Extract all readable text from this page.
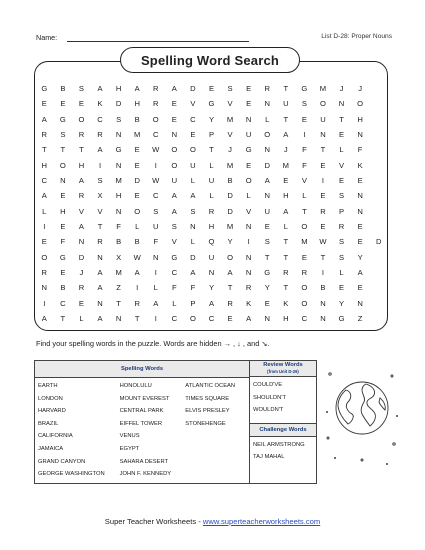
Name:	List D-28: Proper Nouns
Spelling Word Search
G	B	S	A	H	A	R	A	D	E	S	E	R	T	G	M	J	J
E	E	E	K	D	H	R	E	V	G	V	E	N	U	S	O	N	O
A	G	O	C	S	B	O	E	C	Y	M	N	L	T	E	U	T	H
R	S	R	R	N	M	C	N	E	P	V	U	O	A	I	N	E	N
T	T	T	A	G	E	W	O	O	T	J	G	N	J	F	T	L	F
H	O	H	I	N	E	I	O	U	L	M	E	D	M	F	E	V	K
C	N	A	S	M	D	W	U	L	U	B	O	A	E	V	I	E	E
A	E	R	X	H	E	C	A	A	L	D	L	N	H	L	E	S	N
L	H	V	V	N	O	S	A	S	R	D	V	U	A	T	R	P	N
I	E	A	T	F	L	U	S	N	H	M	N	E	L	O	E	R	E
E	F	N	R	B	B	F	V	L	Q	Y	I	S	T	M	W	S	E	D
O	G	D	N	X	W	N	G	D	U	O	N	T	T	E	T	S	Y
R	E	J	A	M	A	I	C	A	N	A	N	G	R	R	I	L	A
N	B	R	A	Z	I	L	F	F	Y	T	R	Y	T	O	B	E	E
I	C	E	N	T	R	A	L	P	A	R	K	E	K	O	N	Y	N
A	T	L	A	N	T	I	C	O	C	E	A	N	H	C	N	G	Z
Find your spelling words in the puzzle. Words are hidden → , ↓ , and ↘.
Spelling Words
EARTH
LONDON
HARVARD
BRAZIL
CALIFORNIA
JAMAICA
GRAND CANYON
GEORGE WASHINGTON
HONOLULU
MOUNT EVEREST
CENTRAL PARK
EIFFEL TOWER
VENUS
EGYPT
SAHARA DESERT
JOHN F. KENNEDY
ATLANTIC OCEAN
TIMES SQUARE
ELVIS PRESLEY
STONEHENGE
Review Words
(from Unit D-26)
COULD'VE
SHOULDN'T
WOULDN'T
Challenge Words
NEIL ARMSTRONG
TAJ MAHAL
Super Teacher Worksheets - www.superteacherworksheets.com
